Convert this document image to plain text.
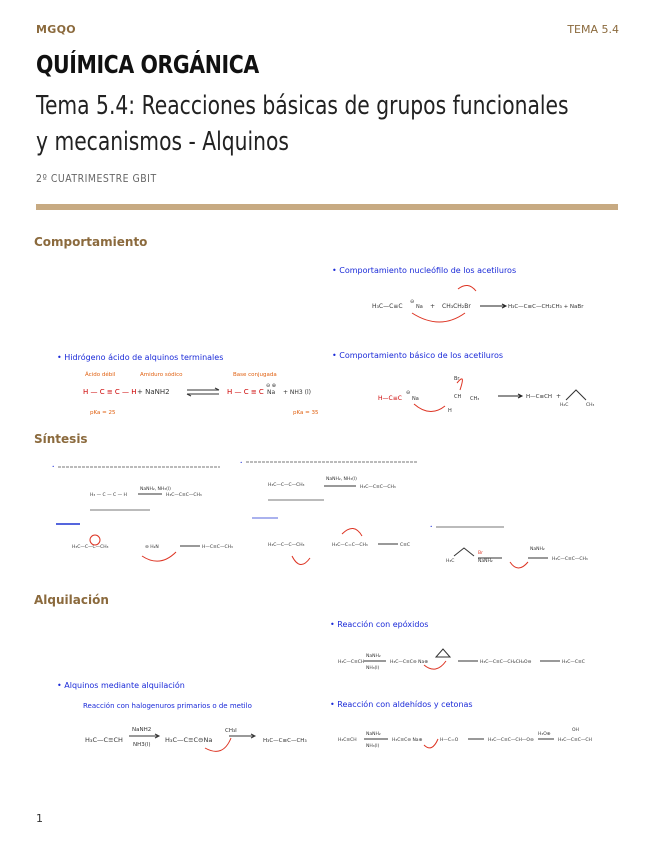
MGQO	TEMA 5.4
QUÍMICA ORGÁNICA
Tema 5.4: Reacciones básicas de grupos funcionales y mecanismos - Alquinos
2º CUATRIMESTRE GBIT
Comportamiento
• Comportamiento nucleófilo de los acetiluros
H₃C—C≡C
⊖
Na + CH₃CH₂Br	H₃C—C≡C—CH₂CH₃ + NaBr
• Hidrógeno ácido de alquinos terminales
Ácido débil	Amiduro sódico	Base conjugada
H — C ≡ C — H + NaNH2	H — C ≡ C
⊖ ⊕
Na + NH3 (l)
pKa = 25	pKa = 35
• Comportamiento básico de los acetiluros
H—C≡C
⊖
Na
Br
CH CH₃
H
H—C≡CH +
H₂C	CH₃
Síntesis
•
H₃ — C — C — H
NaNH₂, NH₃(l)
H₃C—C≡C—CH₃
H₃C—C—C—CH₃	⊖ H₂N	H—C≡C—CH₃
•
H₃C—C—C—CH₃
NaNH₂, NH₃(l)
H₃C—C≡C—CH₃
H₃C—C—C—CH₃	H₃C—C=C—CH₃	C≡C
•
H₃C
Br
NaNH₂
NaNH₂
H₃C—C≡C—CH₃
Alquilación
• Reacción con epóxidos
H₃C—C≡CH
NaNH₂
NH₃(l)
H₃C—C≡C⊖ Na⊕	H₃C—C≡C—CH₂CH₂O⊖	H₃C—C≡C
• Alquinos mediante alquilación
Reacción con halogenuros primarios o de metilo
H₃C—C≡CH
NaNH2
NH3(l)
H₃C—C≡C⊖Na
CH₃I
H₃C—C≡C—CH₃
• Reacción con aldehídos y cetonas
H₃C≡CH
NaNH₂
NH₃(l)
H₃C≡C⊖ Na⊕	H—C=O	H₃C—C≡C—CH—O⊖
H₃O⊕
H₃C—C≡C—CH
OH
1
